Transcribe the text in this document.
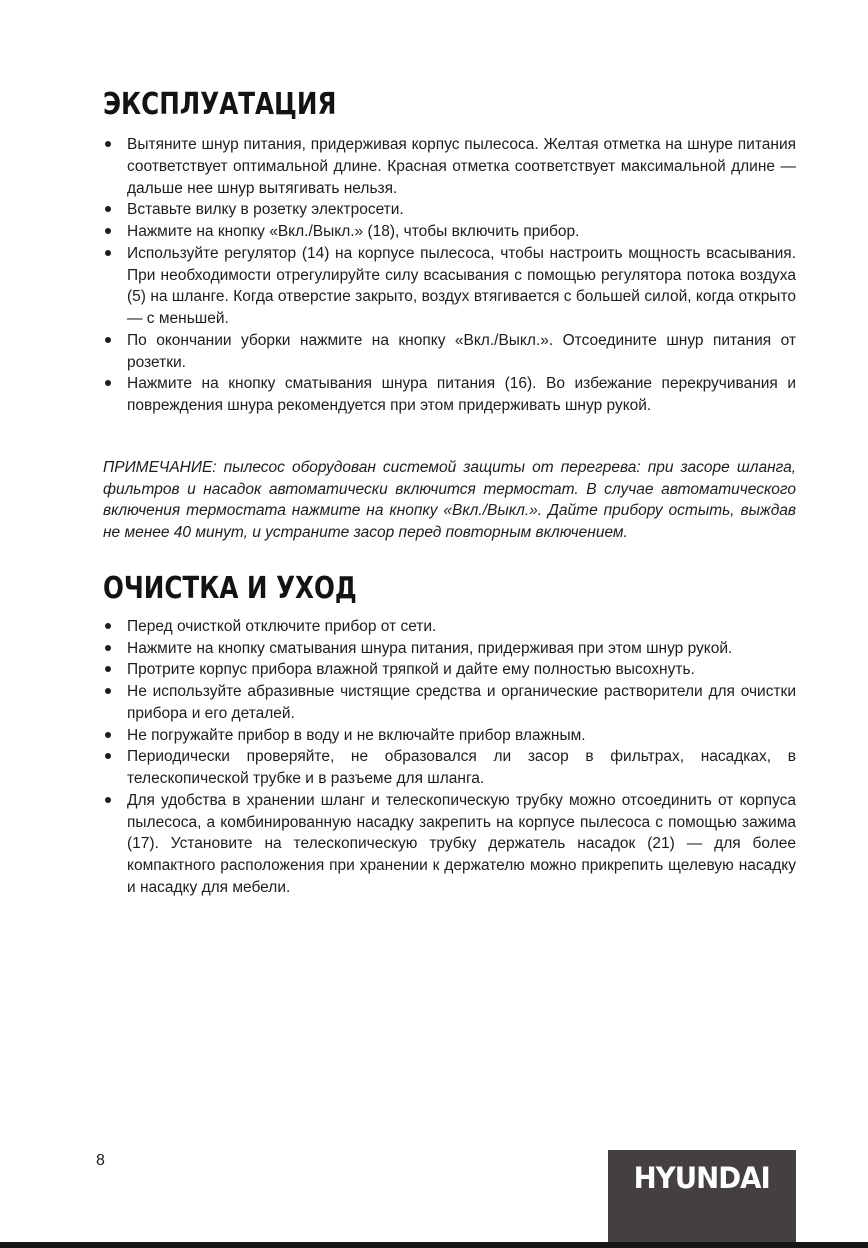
ЭКСПЛУАТАЦИЯ
Вытяните шнур питания, придерживая корпус пылесоса. Желтая отметка на шнуре питания соответствует оптимальной длине. Красная отметка соответствует максимальной длине — дальше нее шнур вытягивать нельзя.
Вставьте вилку в розетку электросети.
Нажмите на кнопку «Вкл./Выкл.» (18), чтобы включить прибор.
Используйте регулятор (14) на корпусе пылесоса, чтобы настроить мощность всасывания. При необходимости отрегулируйте силу всасывания с помощью регулятора потока воздуха (5) на шланге. Когда отверстие закрыто, воздух втягивается с большей силой, когда открыто — с меньшей.
По окончании уборки нажмите на кнопку «Вкл./Выкл.». Отсоедините шнур питания от розетки.
Нажмите на кнопку сматывания шнура питания (16). Во избежание перекручивания и повреждения шнура рекомендуется при этом придерживать шнур рукой.

ПРИМЕЧАНИЕ: пылесос оборудован системой защиты от перегрева: при засоре шланга, фильтров и насадок автоматически включится термостат. В случае автоматического включения термостата нажмите на кнопку «Вкл./Выкл.». Дайте прибору остыть, выждав не менее 40 минут, и устраните засор перед повторным включением.

ОЧИСТКА И УХОД
Перед очисткой отключите прибор от сети.
Нажмите на кнопку сматывания шнура питания, придерживая при этом шнур рукой.
Протрите корпус прибора влажной тряпкой и дайте ему полностью высохнуть.
Не используйте абразивные чистящие средства и органические растворители для очистки прибора и его деталей.
Не погружайте прибор в воду и не включайте прибор влажным.
Периодически проверяйте, не образовался ли засор в фильтрах, насадках, в телескопической трубке и в разъеме для шланга.
Для удобства в хранении шланг и телескопическую трубку можно отсоединить от корпуса пылесоса, а комбинированную насадку закрепить на корпусе пылесоса с помощью зажима (17). Установите на телескопическую трубку держатель насадок (21) — для более компактного расположения при хранении к держателю можно прикрепить щелевую насадку и насадку для мебели.
8
HYUNDAI
